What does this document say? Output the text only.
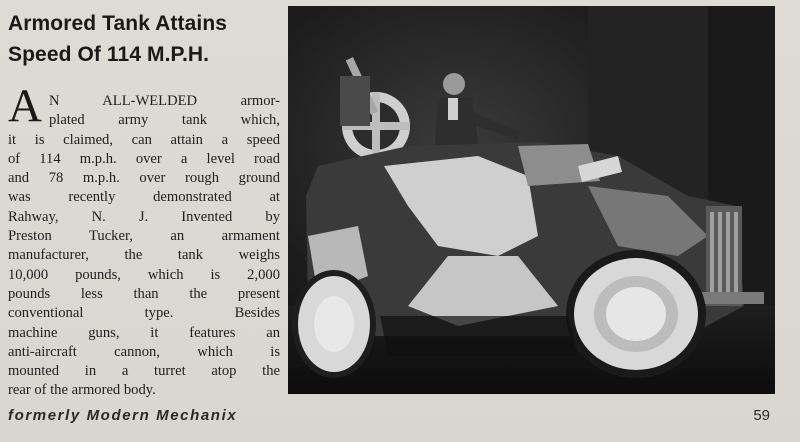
Armored Tank Attains
Speed Of 114 M.P.H.
N ALL-WELDED armor-
plated army tank which,
it is claimed, can attain a speed
of 114 m.p.h. over a level road
and 78 m.p.h. over rough ground
was recently demonstrated at
Rahway, N. J. Invented by
Preston Tucker, an armament
manufacturer, the tank weighs
10,000 pounds, which is 2,000
pounds less than the present
conventional type. Besides
machine guns, it features an
anti-aircraft cannon, which is
mounted in a turret atop the
rear of the armored body.
A
formerly Modern Mechanix	59
